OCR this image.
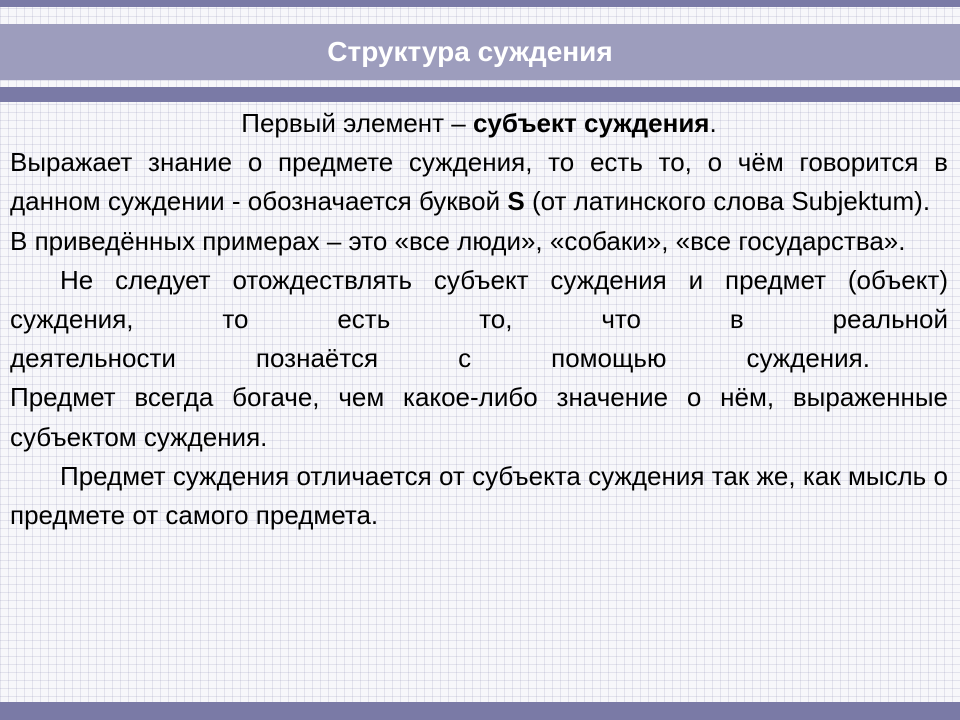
Структура суждения

Первый элемент – субъект суждения.

Выражает знание о предмете суждения, то есть то, о чём говорится в данном суждении - обозначается буквой S (от латинского слова Subjektum).

В приведённых примерах – это «все люди», «собаки», «все государства».

Не следует отождествлять субъект суждения и предмет (объект) суждения, то есть то, что в реальной

деятельности познаётся с помощью суждения.

Предмет всегда богаче, чем какое-либо значение о нём, выраженные субъектом суждения.

Предмет суждения отличается от субъекта суждения так же, как мысль о предмете от самого предмета.
